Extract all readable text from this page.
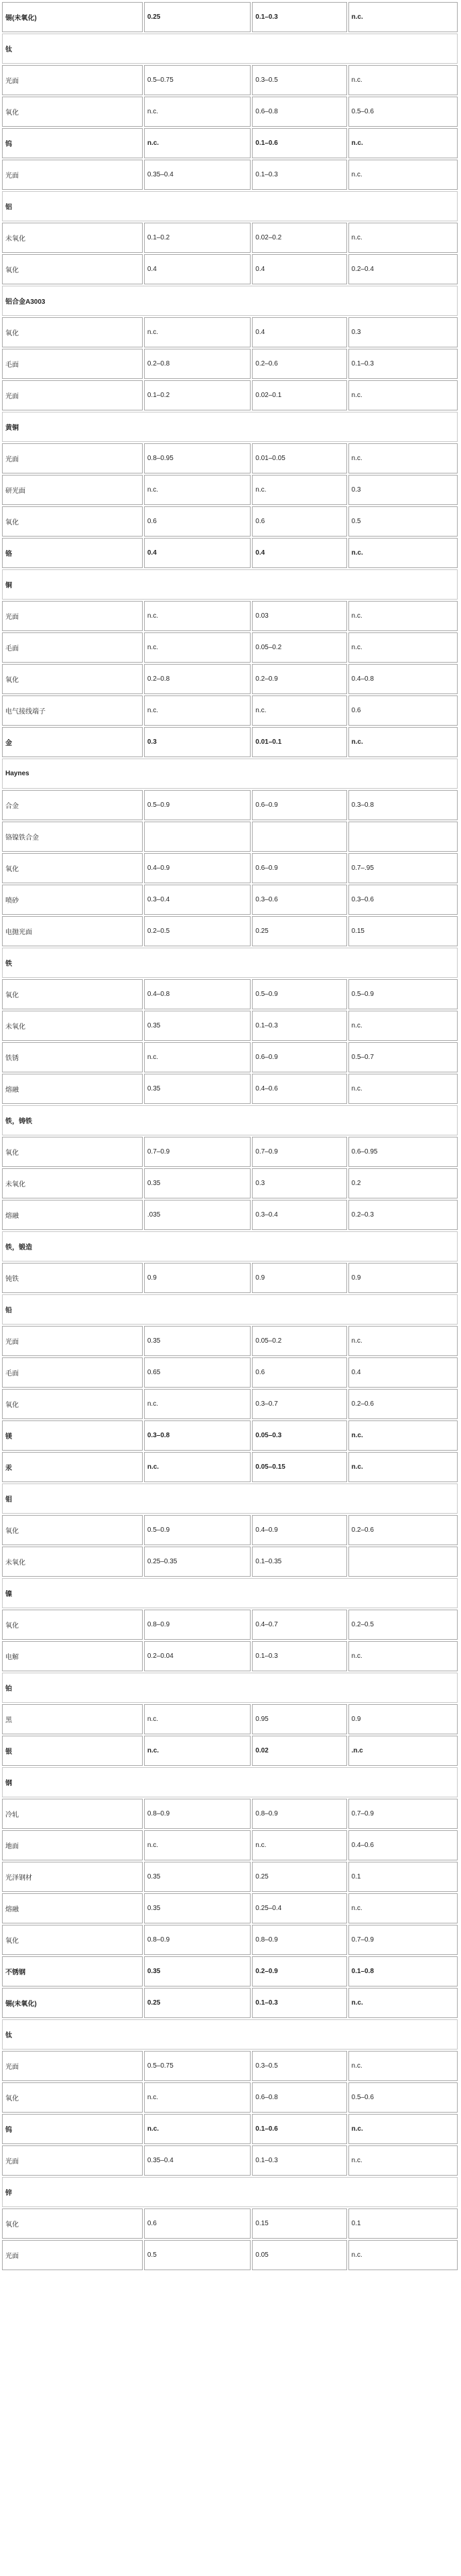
锡(未氧化)	0.25	0.1–0.3	n.c.
钛			
光面	0.5–0.75	0.3–0.5	n.c.
氧化	n.c.	0.6–0.8	0.5–0.6
钨	n.c.	0.1–0.6	n.c.
光面	0.35–0.4	0.1–0.3	n.c.
铝			
未氧化	0.1–0.2	0.02–0.2	n.c.
氧化	0.4	0.4	0.2–0.4
铝合金A3003			
氧化	n.c.	0.4	0.3
毛面	0.2–0.8	0.2–0.6	0.1–0.3
光面	0.1–0.2	0.02–0.1	n.c.
黄铜			
光面	0.8–0.95	0.01–0.05	n.c.
研光面	n.c.	n.c.	0.3
氧化	0.6	0.6	0.5
铬	0.4	0.4	n.c.
铜			
光面	n.c.	0.03	n.c.
毛面	n.c.	0.05–0.2	n.c.
氧化	0.2–0.8	0.2–0.9	0.4–0.8
电气接线端子	n.c.	n.c.	0.6
金	0.3	0.01–0.1	n.c.
Haynes			
合金	0.5–0.9	0.6–0.9	0.3–0.8
铬镍铁合金			
氧化	0.4–0.9	0.6–0.9	0.7–.95
喷砂	0.3–0.4	0.3–0.6	0.3–0.6
电抛光面	0.2–0.5	0.25	0.15
铁			
氧化	0.4–0.8	0.5–0.9	0.5–0.9
未氧化	0.35	0.1–0.3	n.c.
铁锈	n.c.	0.6–0.9	0.5–0.7
熔融	0.35	0.4–0.6	n.c.
铁，铸铁			
氧化	0.7–0.9	0.7–0.9	0.6–0.95
未氧化	0.35	0.3	0.2
熔融	.035	0.3–0.4	0.2–0.3
铁，锻造			
钝铁	0.9	0.9	0.9
铅			
光面	0.35	0.05–0.2	n.c.
毛面	0.65	0.6	0.4
氧化	n.c.	0.3–0.7	0.2–0.6
镁	0.3–0.8	0.05–0.3	n.c.
汞	n.c.	0.05–0.15	n.c.
钼			
氧化	0.5–0.9	0.4–0.9	0.2–0.6
未氧化	0.25–0.35	0.1–0.35	
镍			
氧化	0.8–0.9	0.4–0.7	0.2–0.5
电解	0.2–0.04	0.1–0.3	n.c.
铂			
黑	n.c.	0.95	0.9
银	n.c.	0.02	.n.c
钢			
冷轧	0.8–0.9	0.8–0.9	0.7–0.9
地面	n.c.	n.c.	0.4–0.6
光泽钢材	0.35	0.25	0.1
熔融	0.35	0.25–0.4	n.c.
氧化	0.8–0.9	0.8–0.9	0.7–0.9
不锈钢	0.35	0.2–0.9	0.1–0.8
锡(未氧化)	0.25	0.1–0.3	n.c.
钛			
光面	0.5–0.75	0.3–0.5	n.c.
氧化	n.c.	0.6–0.8	0.5–0.6
钨	n.c.	0.1–0.6	n.c.
光面	0.35–0.4	0.1–0.3	n.c.
锌			
氧化	0.6	0.15	0.1
光面	0.5	0.05	n.c.
